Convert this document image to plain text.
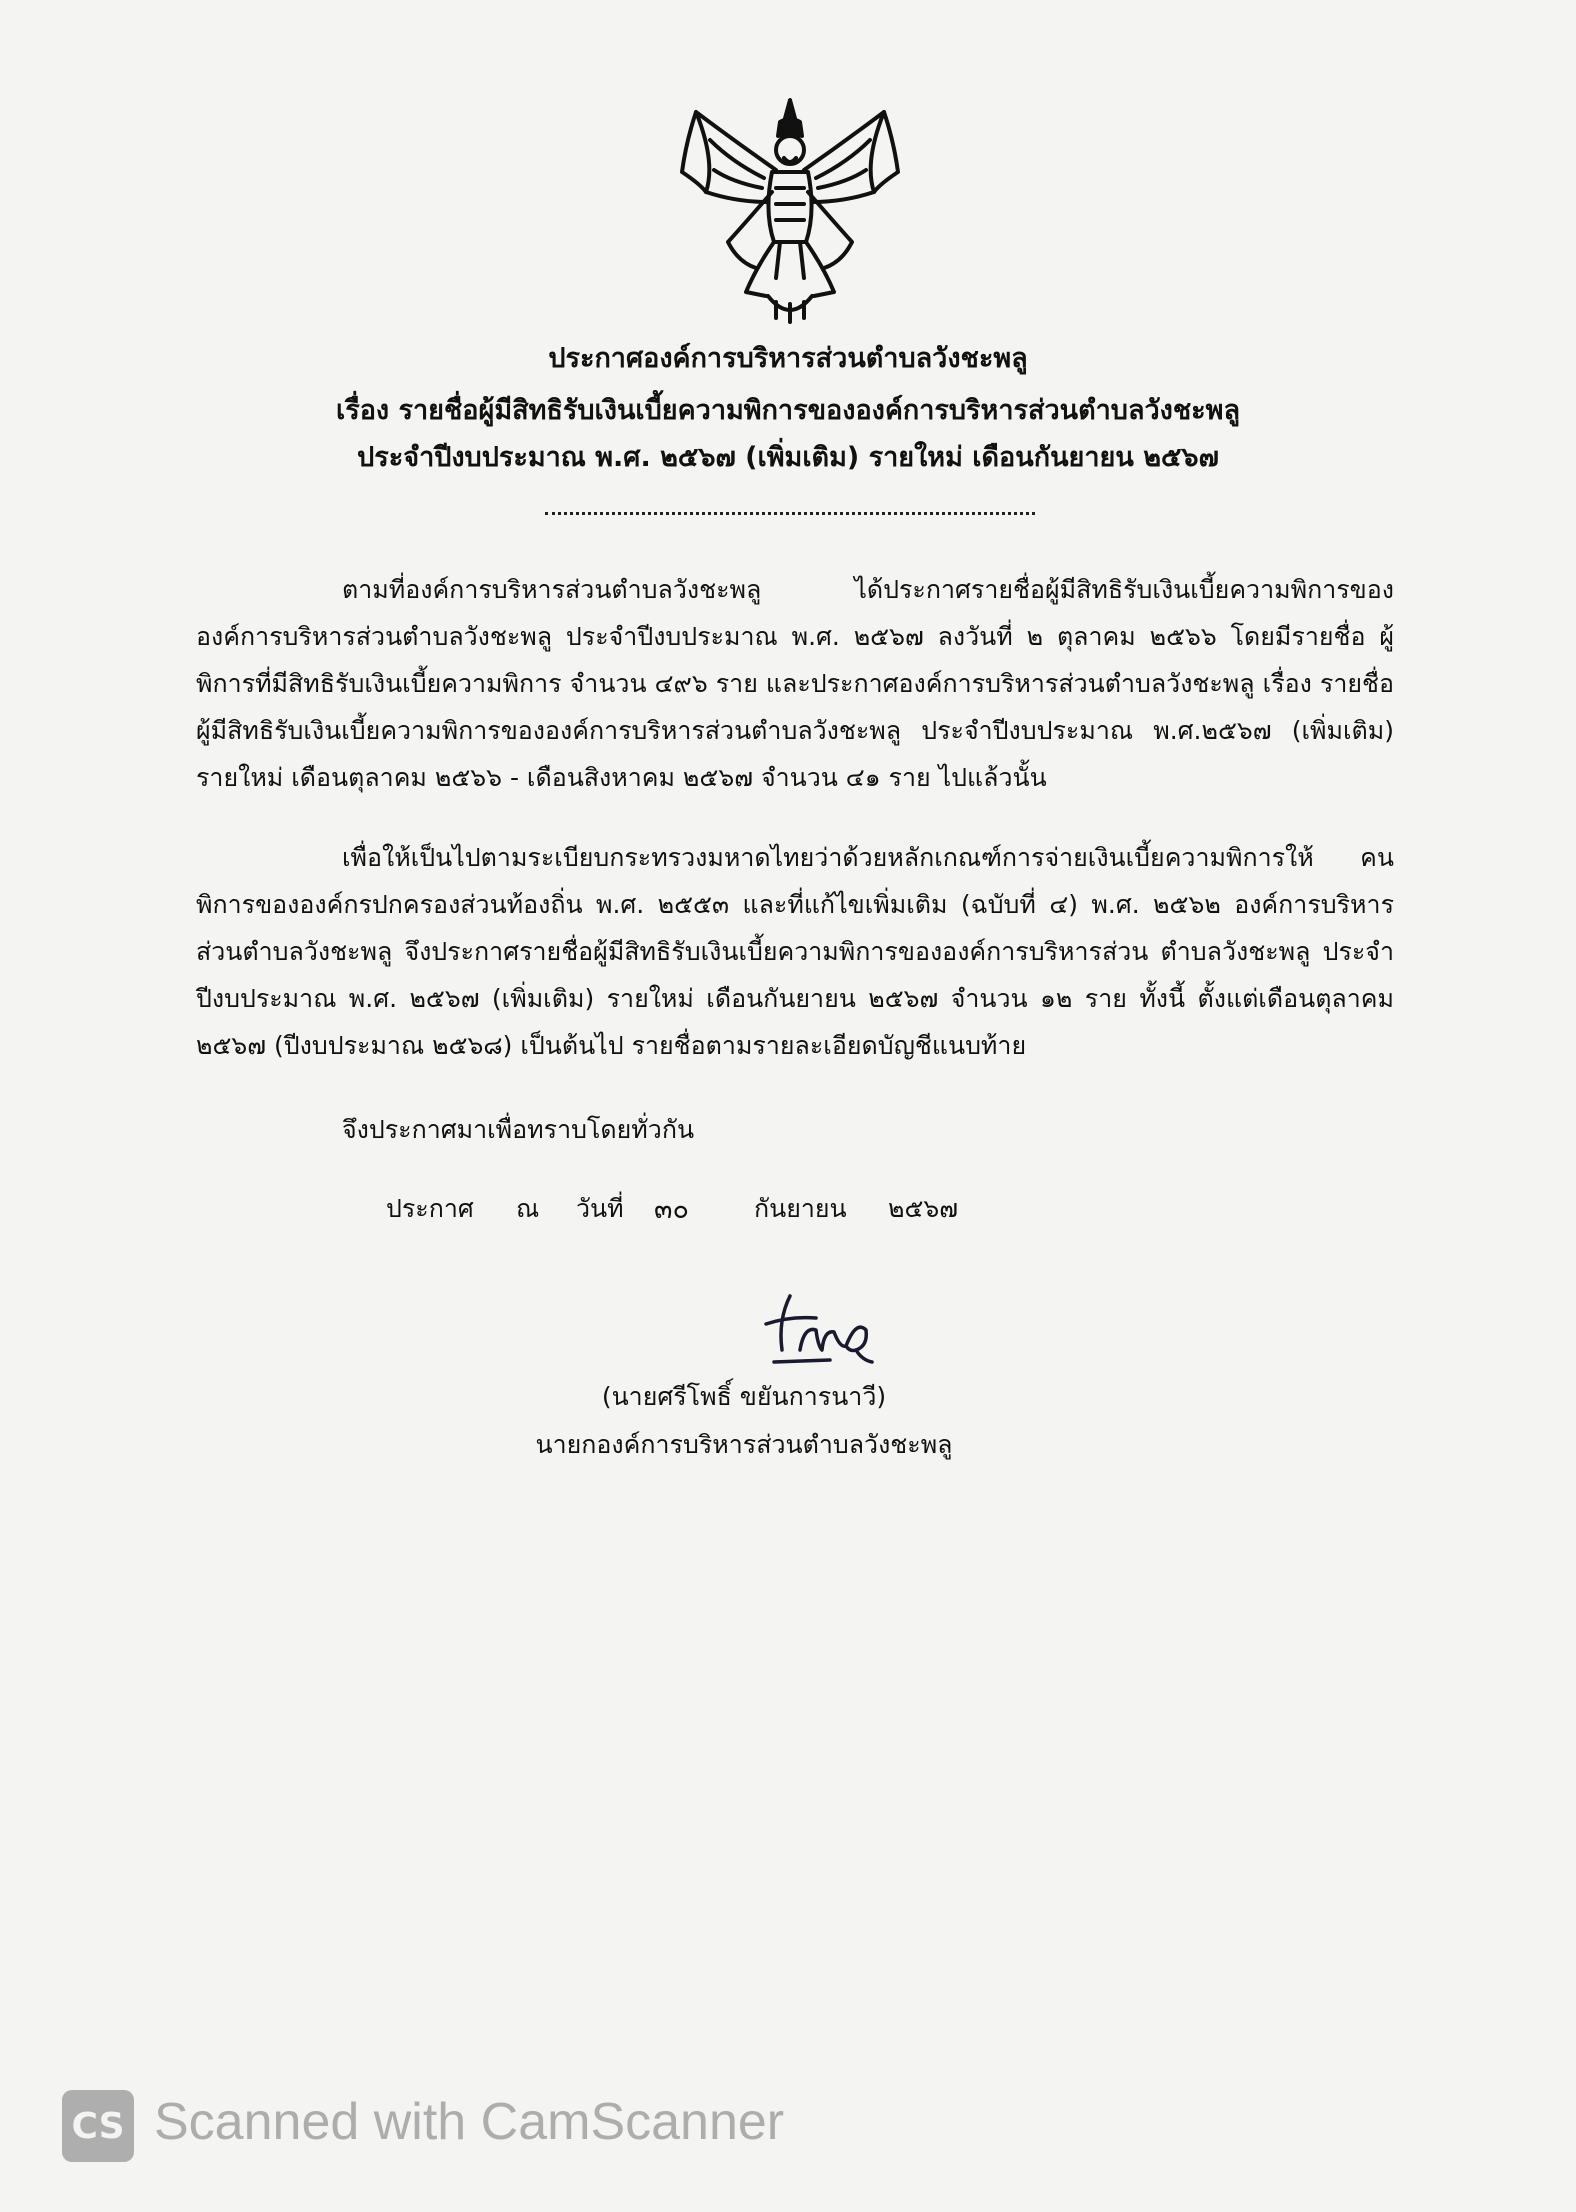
ประกาศองค์การบริหารส่วนตำบลวังชะพลู
เรื่อง รายชื่อผู้มีสิทธิรับเงินเบี้ยความพิการขององค์การบริหารส่วนตำบลวังชะพลู
ประจำปีงบประมาณ พ.ศ. ๒๕๖๗ (เพิ่มเติม) รายใหม่ เดือนกันยายน ๒๕๖๗
ตามที่องค์การบริหารส่วนตำบลวังชะพลู ได้ประกาศรายชื่อผู้มีสิทธิรับเงินเบี้ยความพิการของ องค์การบริหารส่วนตำบลวังชะพลู ประจำปีงบประมาณ พ.ศ. ๒๕๖๗ ลงวันที่ ๒ ตุลาคม ๒๕๖๖ โดยมีรายชื่อ ผู้พิการที่มีสิทธิรับเงินเบี้ยความพิการ จำนวน ๔๙๖ ราย และประกาศองค์การบริหารส่วนตำบลวังชะพลู เรื่อง รายชื่อผู้มีสิทธิรับเงินเบี้ยความพิการขององค์การบริหารส่วนตำบลวังชะพลู ประจำปีงบประมาณ พ.ศ.๒๕๖๗ (เพิ่มเติม) รายใหม่ เดือนตุลาคม ๒๕๖๖ - เดือนสิงหาคม ๒๕๖๗ จำนวน ๔๑ ราย ไปแล้วนั้น
เพื่อให้เป็นไปตามระเบียบกระทรวงมหาดไทยว่าด้วยหลักเกณฑ์การจ่ายเงินเบี้ยความพิการให้ คนพิการขององค์กรปกครองส่วนท้องถิ่น พ.ศ. ๒๕๕๓ และที่แก้ไขเพิ่มเติม (ฉบับที่ ๔) พ.ศ. ๒๕๖๒ องค์การบริหารส่วนตำบลวังชะพลู จึงประกาศรายชื่อผู้มีสิทธิรับเงินเบี้ยความพิการขององค์การบริหารส่วน ตำบลวังชะพลู ประจำปีงบประมาณ พ.ศ. ๒๕๖๗ (เพิ่มเติม) รายใหม่ เดือนกันยายน ๒๕๖๗ จำนวน ๑๒ ราย ทั้งนี้ ตั้งแต่เดือนตุลาคม ๒๕๖๗ (ปีงบประมาณ ๒๕๖๘) เป็นต้นไป รายชื่อตามรายละเอียดบัญชีแนบท้าย
จึงประกาศมาเพื่อทราบโดยทั่วกัน
ประกาศ ณ วันที่ ๓๐	กันยายน ๒๕๖๗
(นายศรีโพธิ์ ขยันการนาวี)
นายกองค์การบริหารส่วนตำบลวังชะพลู
CS Scanned with CamScanner
